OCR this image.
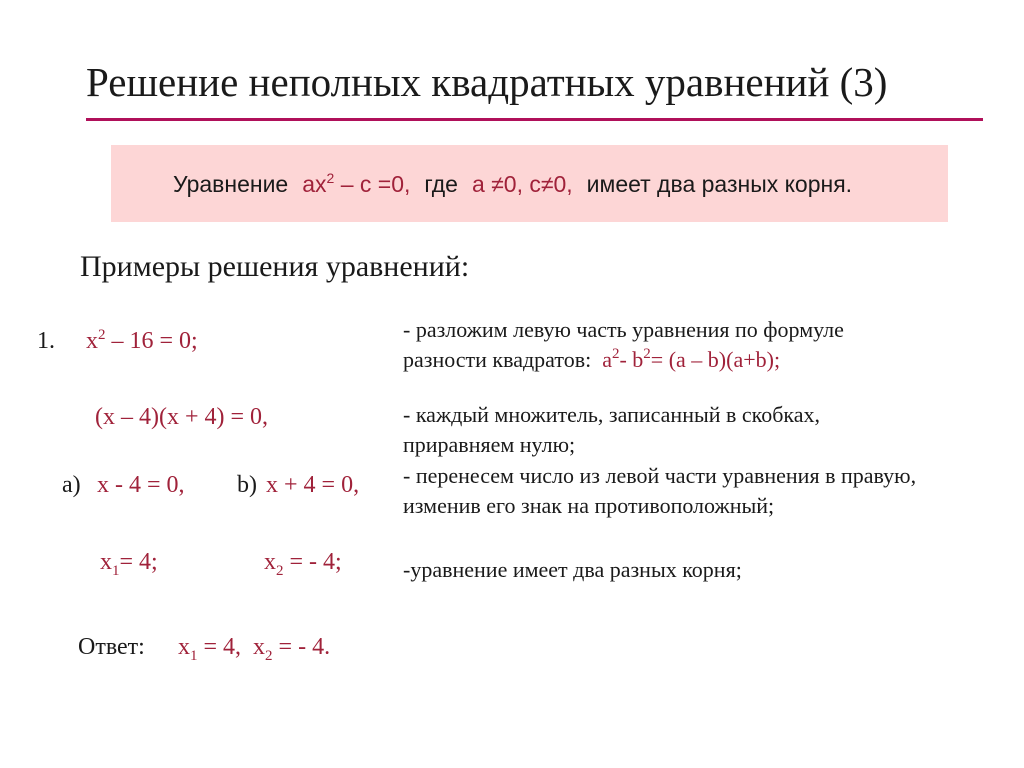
Решение неполных квадратных уравнений (3)
Уравнение $ax^2 - с =0$, где а ≠0, с≠0, имеет два разных корня.
Примеры решения уравнений:
1. $x^2 - 16 = 0$;
(x – 4)(x + 4) = 0,
а) x - 4 = 0, b) x + 4 = 0,
$x_1= 4$;	$x_2$ = - 4;
Ответ: $x_1 = 4$, $x_2$ = - 4.
- разложим левую часть уравнения по формуле
разности квадратов: $a^2-$ $b^2= (a - b)(a+b)$;
- каждый множитель, записанный в скобках,
приравняем нулю;
- перенесем число из левой части уравнения в правую,
изменив его знак на противоположный;
-уравнение имеет два разных корня;
